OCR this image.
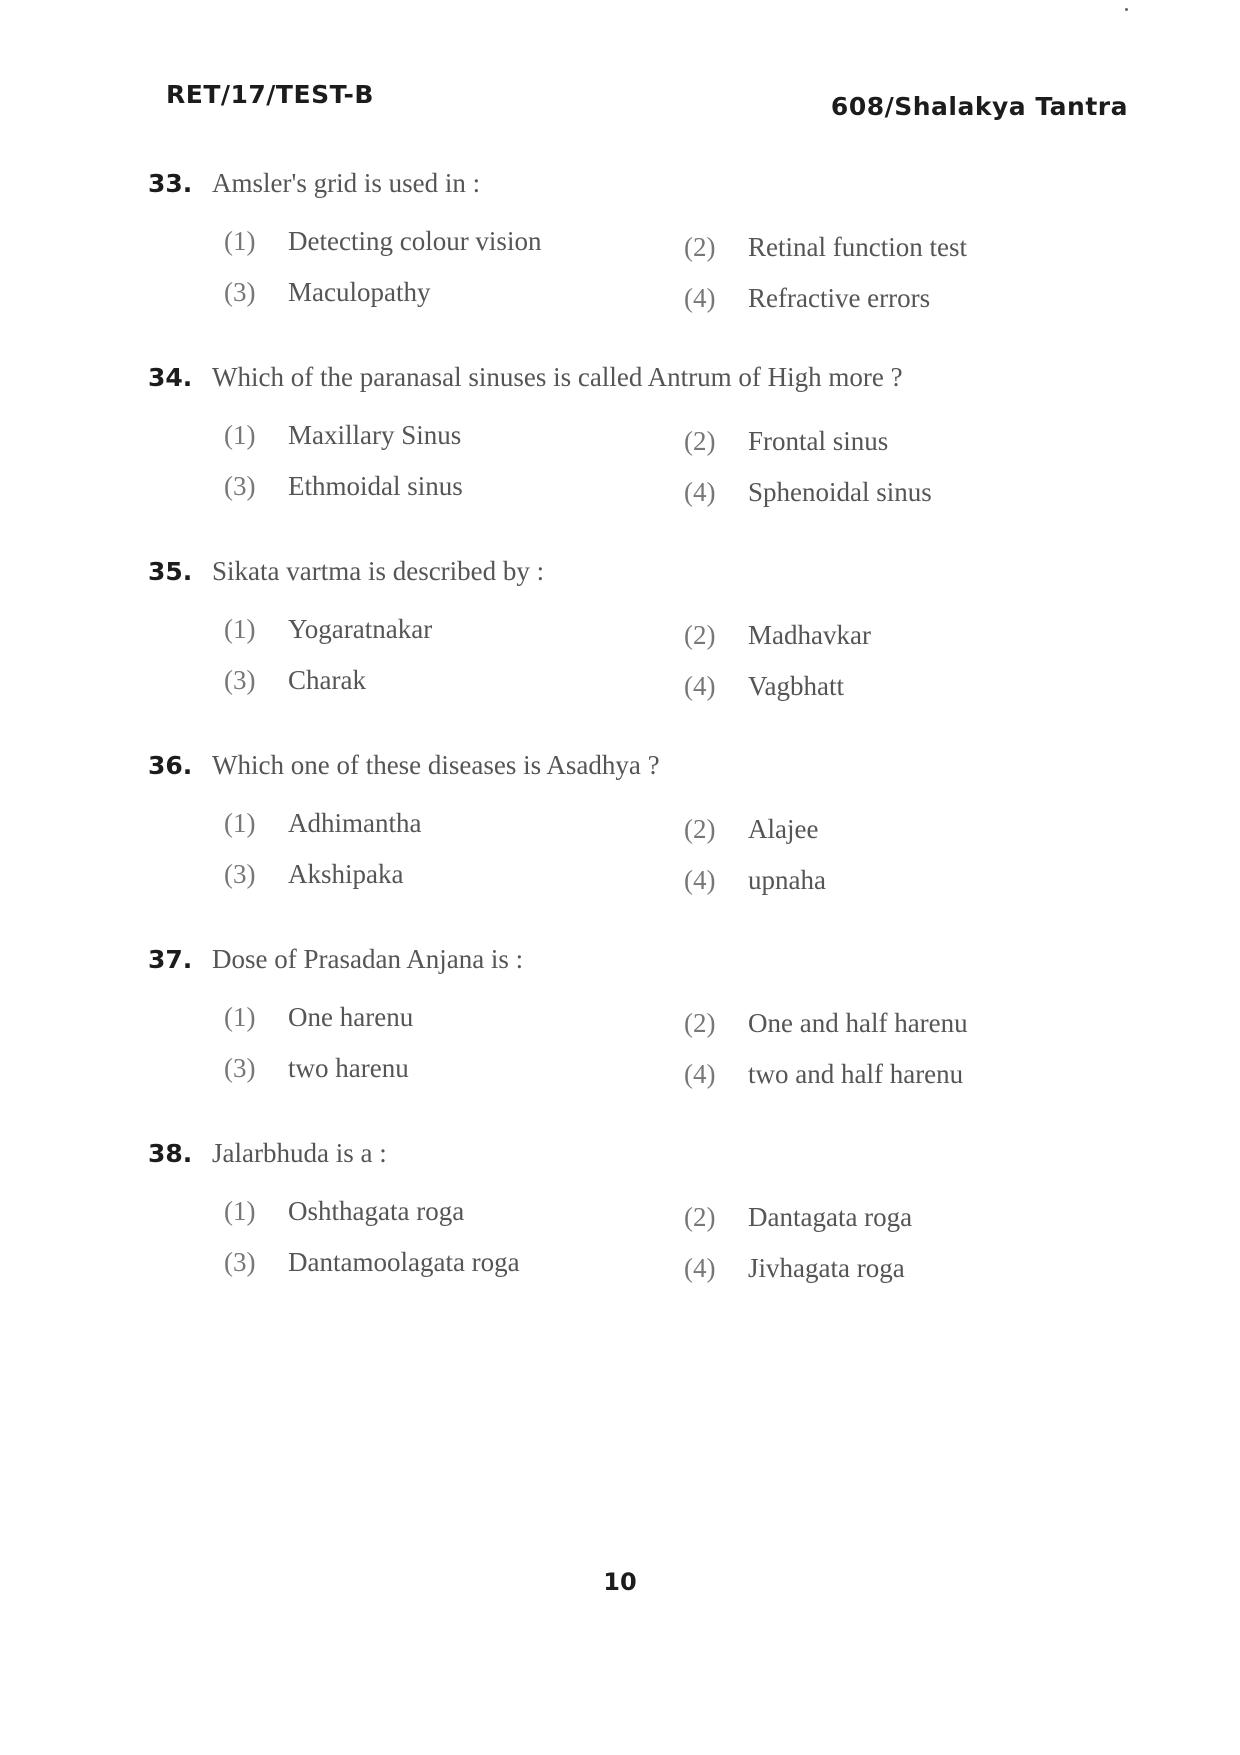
RET/17/TEST-B	608/Shalakya Tantra
33. Amsler's grid is used in :
(1)	Detecting colour vision	(2)	Retinal function test
(3)	Maculopathy	(4)	Refractive errors
34. Which of the paranasal sinuses is called Antrum of High more ?
(1)	Maxillary Sinus	(2)	Frontal sinus
(3)	Ethmoidal sinus	(4)	Sphenoidal sinus
35. Sikata vartma is described by :
(1)	Yogaratnakar	(2)	Madhavkar
(3)	Charak	(4)	Vagbhatt
36. Which one of these diseases is Asadhya ?
(1)	Adhimantha	(2)	Alajee
(3)	Akshipaka	(4)	upnaha
37. Dose of Prasadan Anjana is :
(1)	One harenu	(2)	One and half harenu
(3)	two harenu	(4)	two and half harenu
38. Jalarbhuda is a :
(1)	Oshthagata roga	(2)	Dantagata roga
(3)	Dantamoolagata roga	(4)	Jivhagata roga
10
